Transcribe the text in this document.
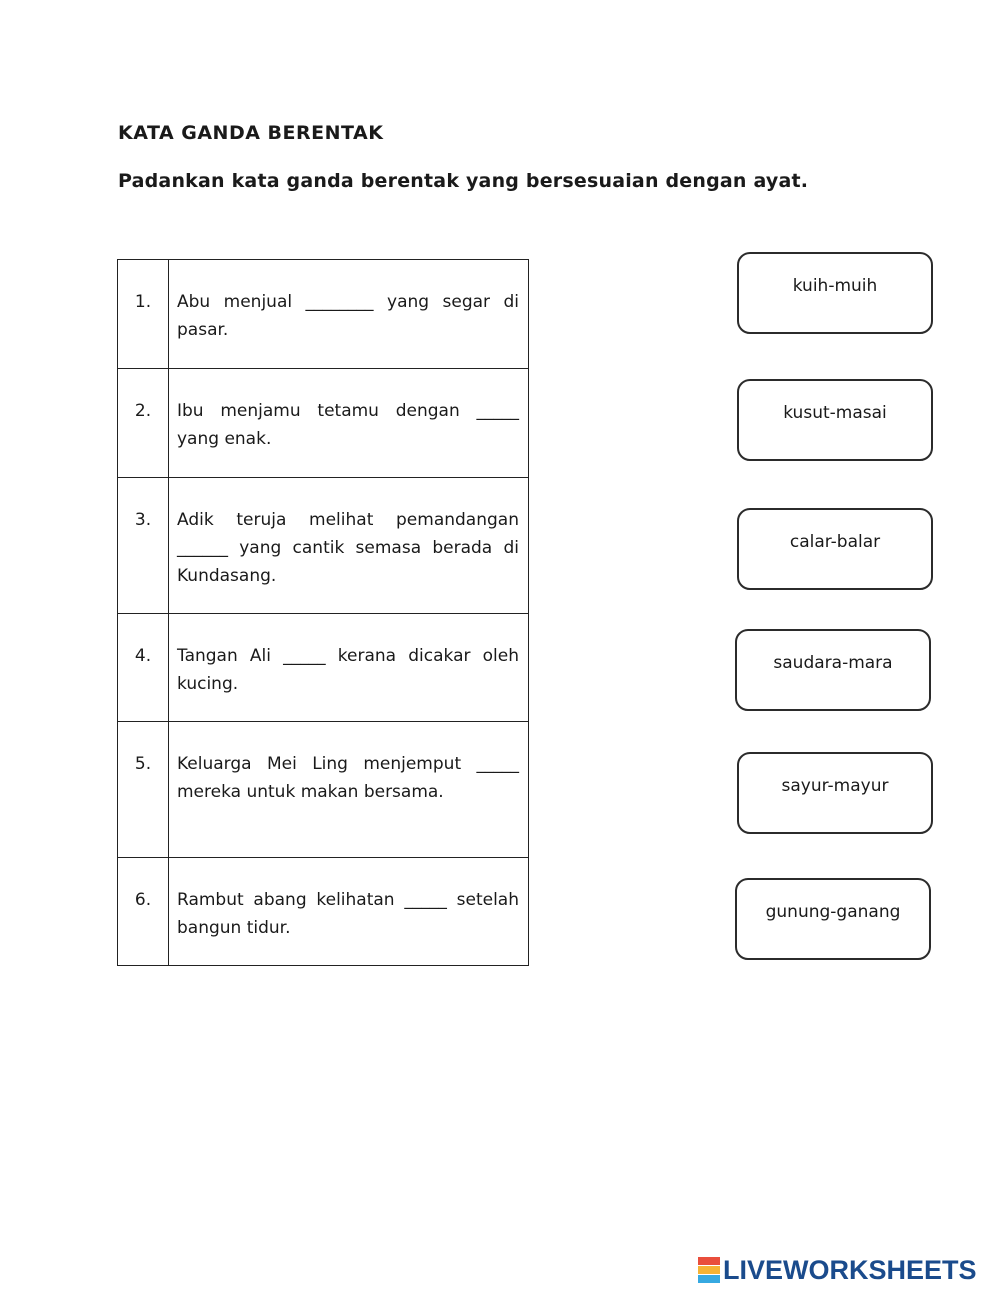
KATA GANDA BERENTAK
Padankan kata ganda berentak yang bersesuaian dengan ayat.
1.	Abu menjual ________ yang segar di pasar.
2.	Ibu menjamu tetamu dengan _____ yang enak.
3.	Adik teruja melihat pemandangan ______ yang cantik semasa berada di Kundasang.
4.	Tangan Ali _____ kerana dicakar oleh kucing.
5.	Keluarga Mei Ling menjemput _____ mereka untuk makan bersama.
6.	Rambut abang kelihatan _____ setelah bangun tidur.
kuih-muih
kusut-masai
calar-balar
saudara-mara
sayur-mayur
gunung-ganang
LIVEWORKSHEETS
